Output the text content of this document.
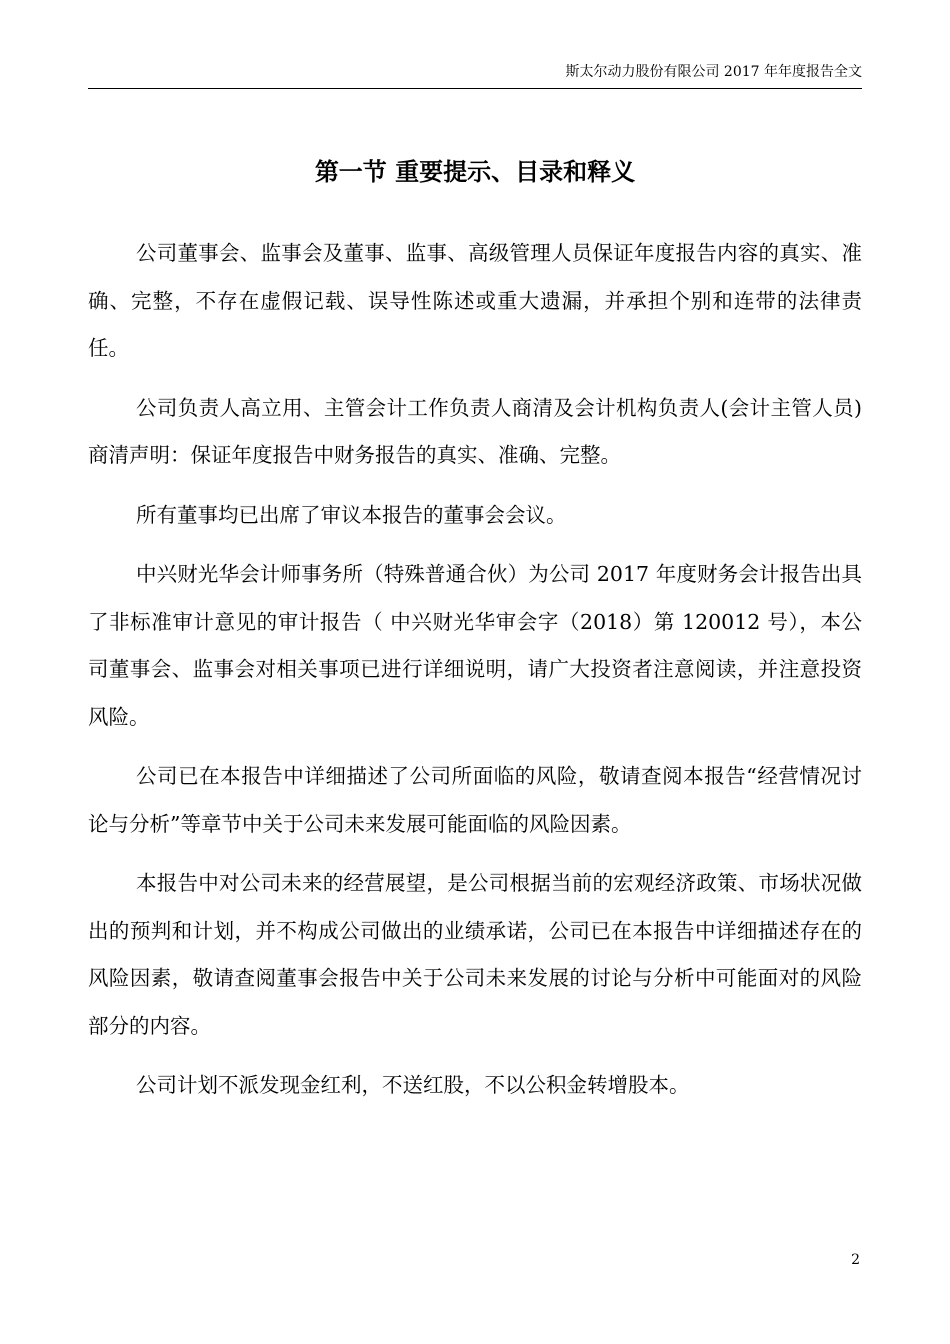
斯太尔动力股份有限公司 2017 年年度报告全文
第一节 重要提示、目录和释义

公司董事会、监事会及董事、监事、高级管理人员保证年度报告内容的真实、准确、完整，不存在虚假记载、误导性陈述或重大遗漏，并承担个别和连带的法律责任。

公司负责人高立用、主管会计工作负责人商清及会计机构负责人(会计主管人员)商清声明：保证年度报告中财务报告的真实、准确、完整。

所有董事均已出席了审议本报告的董事会会议。

中兴财光华会计师事务所（特殊普通合伙）为公司 2017 年度财务会计报告出具了非标准审计意见的审计报告（ 中兴财光华审会字（2018）第 120012 号），本公司董事会、监事会对相关事项已进行详细说明，请广大投资者注意阅读，并注意投资风险。

公司已在本报告中详细描述了公司所面临的风险，敬请查阅本报告“经营情况讨论与分析”等章节中关于公司未来发展可能面临的风险因素。

本报告中对公司未来的经营展望，是公司根据当前的宏观经济政策、市场状况做出的预判和计划，并不构成公司做出的业绩承诺，公司已在本报告中详细描述存在的风险因素，敬请查阅董事会报告中关于公司未来发展的讨论与分析中可能面对的风险部分的内容。

公司计划不派发现金红利，不送红股，不以公积金转增股本。

2
